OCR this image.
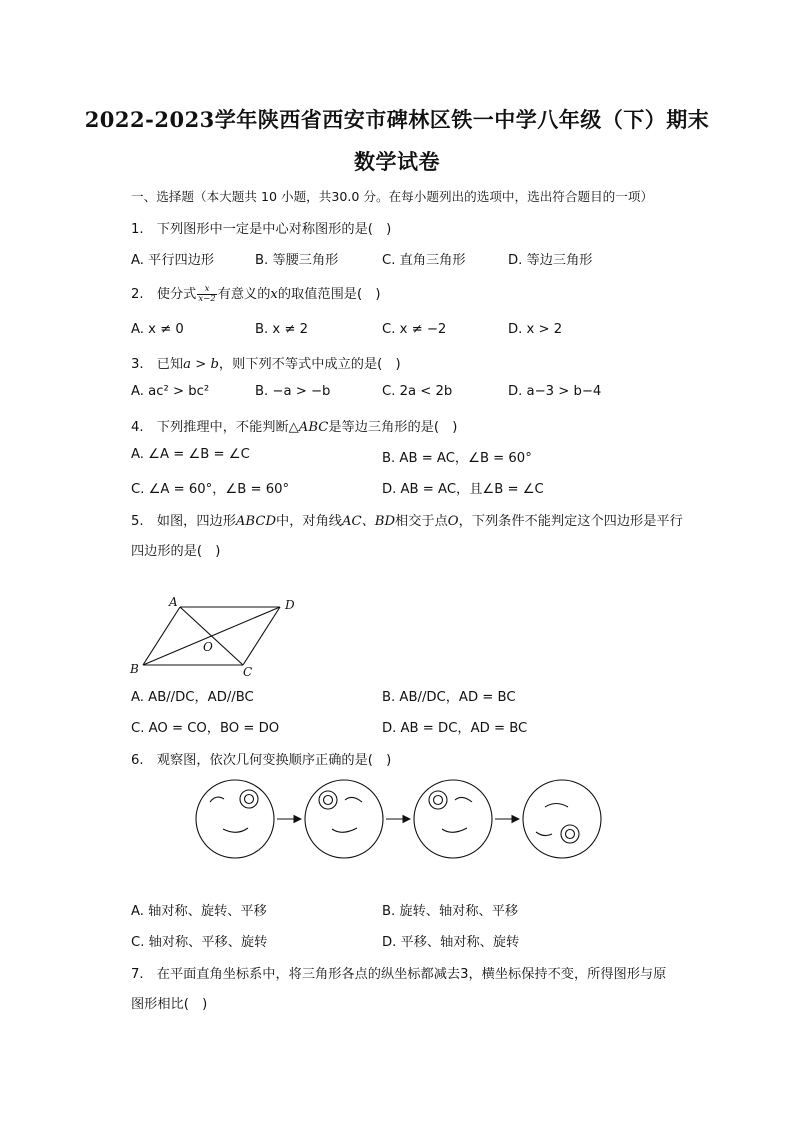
2022-2023学年陕西省西安市碑林区铁一中学八年级（下）期末
数学试卷
一、选择题（本大题共 10 小题，共30.0 分。在每小题列出的选项中，选出符合题目的一项）
1.　下列图形中一定是中心对称图形的是(　)
A. 平行四边形	B. 等腰三角形	C. 直角三角形	D. 等边三角形
2.　使分式 $\frac{x}{x-2}$ 有意义的x的取值范围是(　)
A. x ≠ 0	B. x ≠ 2	C. x ≠ −2	D. x > 2
3.　已知a > b，则下列不等式中成立的是(　)
A. ac² > bc²	B. −a > −b	C. 2a < 2b	D. a−3 > b−4
4.　下列推理中，不能判断△ABC是等边三角形的是(　)
A. ∠A = ∠B = ∠C	B. AB = AC，∠B = 60°
C. ∠A = 60°，∠B = 60°	D. AB = AC，且∠B = ∠C
5.　如图，四边形ABCD中，对角线AC、BD相交于点O，下列条件不能判定这个四边形是平行
四边形的是(　)
A	D
B	C
O
A. AB//DC，AD//BC	B. AB//DC，AD = BC
C. AO = CO，BO = DO	D. AB = DC，AD = BC
6.　观察图，依次几何变换顺序正确的是(　)
A. 轴对称、旋转、平移	B. 旋转、轴对称、平移
C. 轴对称、平移、旋转	D. 平移、轴对称、旋转
7.　在平面直角坐标系中，将三角形各点的纵坐标都减去3，横坐标保持不变，所得图形与原
图形相比(　)
